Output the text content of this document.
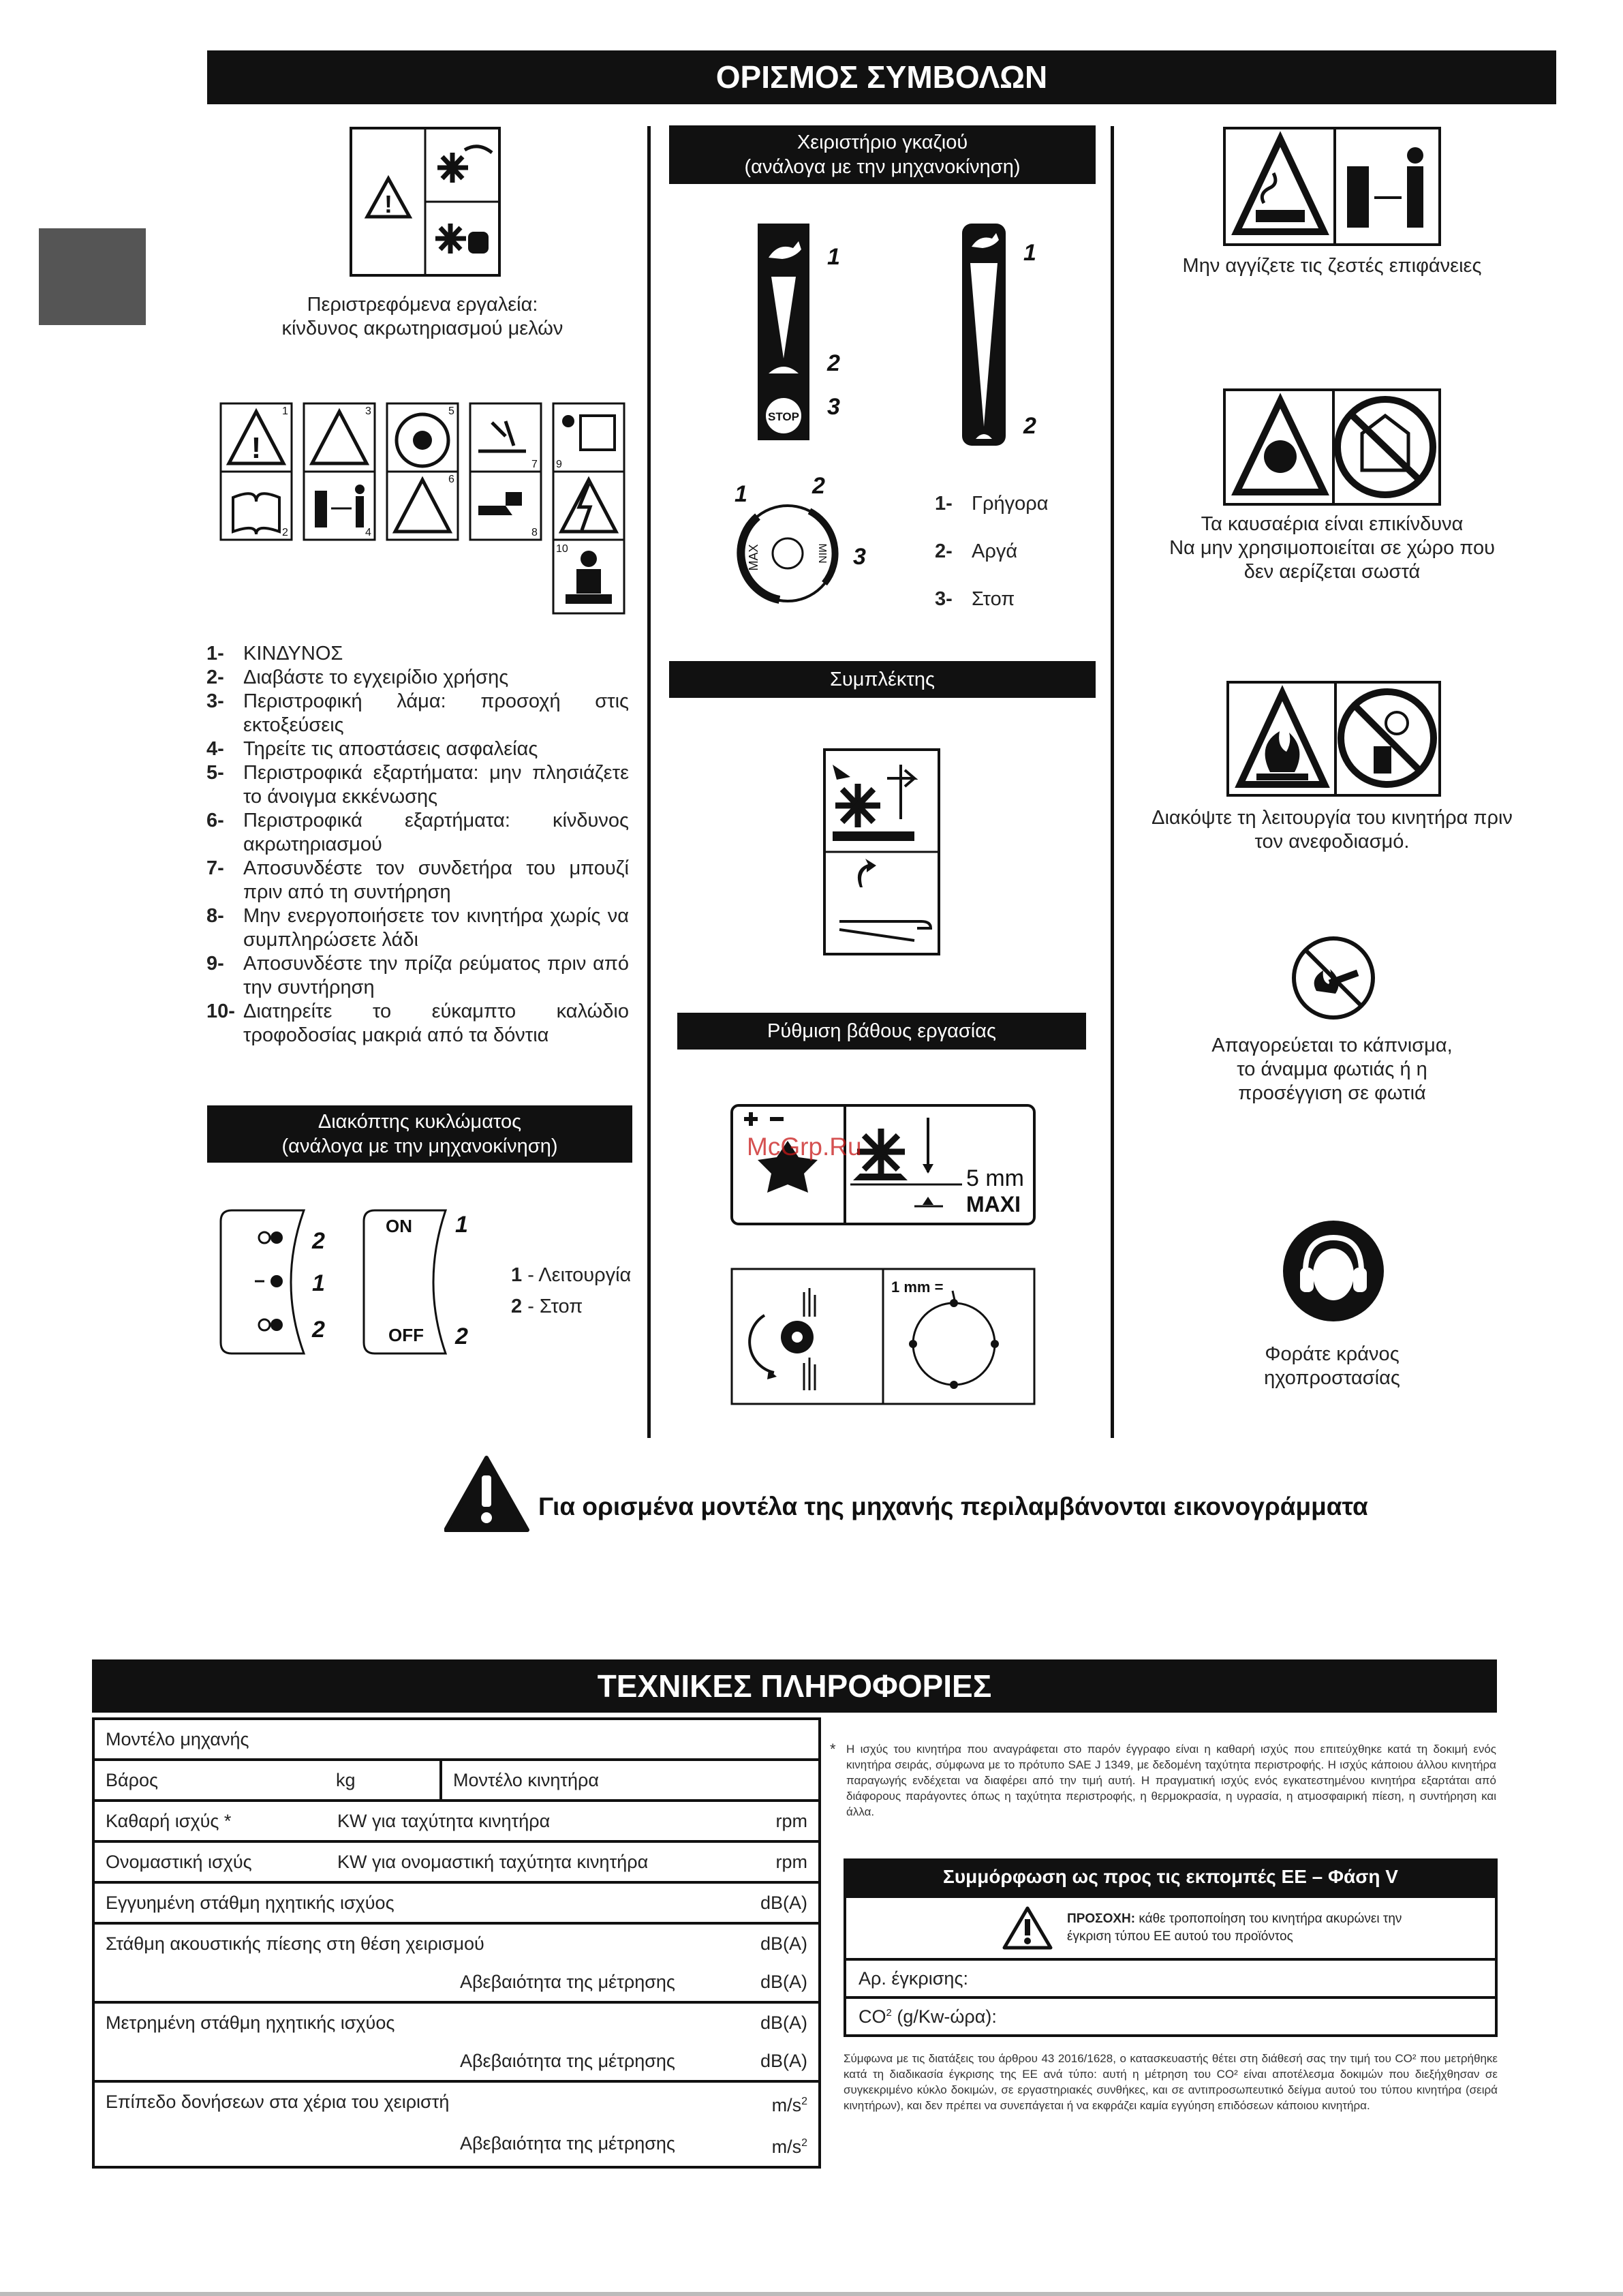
ΟΡΙΣΜΟΣ ΣΥΜΒΟΛΩΝ
!
Περιστρεφόμενα εργαλεία:
κίνδυνος ακρωτηριασμού μελών
!
1
2
3
4
5
6
7
8
9
10
1- ΚΙΝΔΥΝΟΣ
2- Διαβάστε το εγχειρίδιο χρήσης
3- Περιστροφική λάμα: προσοχή στις εκτοξεύσεις
4- Τηρείτε τις αποστάσεις ασφαλείας
5- Περιστροφικά εξαρτήματα: μην πλησιάζετε το άνοιγμα εκκένωσης
6- Περιστροφικά εξαρτήματα: κίνδυνος ακρωτηριασμού
7- Αποσυνδέστε τον συνδετήρα του μπουζί πριν από τη συντήρηση
8- Μην ενεργοποιήσετε τον κινητήρα χωρίς να συμπληρώσετε λάδι
9- Αποσυνδέστε την πρίζα ρεύματος πριν από την συντήρηση
10- Διατηρείτε το εύκαμπτο καλώδιο τροφοδοσίας μακριά από τα δόντια
Διακόπτης κυκλώματος
(ανάλογα με την μηχανοκίνηση)
2
1
2
ON
OFF
1
2
1 - Λειτουργία
2 - Στοπ
Χειριστήριο γκαζιού
(ανάλογα με την μηχανοκίνηση)
STOP
1
2
3
1
2
MAX	MIN
1	2
3
1- Γρήγορα
2- Αργά
3- Στοπ
Συμπλέκτης
Ρύθμιση βάθους εργασίας
5 mm
MAXI
1 mm =
Μην αγγίζετε τις ζεστές επιφάνειες
Τα καυσαέρια είναι επικίνδυνα
Να μην χρησιμοποιείται σε χώρο που
δεν αερίζεται σωστά
Διακόψτε τη λειτουργία του κινητήρα πριν
τον ανεφοδιασμό.
Απαγορεύεται το κάπνισμα,
το άναμμα φωτιάς ή η
προσέγγιση σε φωτιά
Φοράτε κράνος
ηχοπροστασίας
Για ορισμένα μοντέλα της μηχανής περιλαμβάνονται εικονογράμματα
McGrp.Ru
ΤΕΧΝΙΚΕΣ ΠΛΗΡΟΦΟΡΙΕΣ
Μοντέλο μηχανής
Βάρος	kg	Μοντέλο κινητήρα

Καθαρή ισχύς *	KW για ταχύτητα κινητήρα	rpm

Ονομαστική ισχύς	KW για ονομαστική ταχύτητα κινητήρα	rpm

Εγγυημένη στάθμη ηχητικής ισχύος	dB(A)

Στάθμη ακουστικής πίεσης στη θέση χειρισμού	dB(A)
Αβεβαιότητα της μέτρησης	dB(A)

Μετρημένη στάθμη ηχητικής ισχύος	dB(A)
Αβεβαιότητα της μέτρησης	dB(A)

Επίπεδο δονήσεων στα χέρια του χειριστή	$m/s^2$
Αβεβαιότητα της μέτρησης	$m/s^2$
* Η ισχύς του κινητήρα που αναγράφεται στο παρόν έγγραφο είναι η καθαρή ισχύς που επιτεύχθηκε κατά τη δοκιμή ενός κινητήρα σειράς, σύμφωνα με το πρότυπο SAE J 1349, με δεδομένη ταχύτητα περιστροφής. Η ισχύς κάποιου άλλου κινητήρα παραγωγής ενδέχεται να διαφέρει από την τιμή αυτή. Η πραγματική ισχύς ενός εγκατεστημένου κινητήρα εξαρτάται από διάφορους παράγοντες όπως η ταχύτητα περιστροφής, η θερμοκρασία, η υγρασία, η ατμοσφαιρική πίεση, η συντήρηση και άλλα.
Συμμόρφωση ως προς τις εκπομπές ΕΕ – Φάση V
ΠΡΟΣΟΧΗ: κάθε τροποποίηση του κινητήρα ακυρώνει την έγκριση τύπου ΕΕ αυτού του προϊόντος

Αρ. έγκρισης:
$CO^2$ (g/Kw-ώρα):
Σύμφωνα με τις διατάξεις του άρθρου 43 2016/1628, ο κατασκευαστής θέτει στη διάθεσή σας την τιμή του CO² που μετρήθηκε κατά τη διαδικασία έγκρισης της ΕΕ ανά τύπο: αυτή η μέτρηση του CO² είναι αποτέλεσμα δοκιμών που διεξήχθησαν σε συγκεκριμένο κύκλο δοκιμών, σε εργαστηριακές συνθήκες, και σε αντιπροσωπευτικό δείγμα αυτού του τύπου κινητήρα (σειρά κινητήρων), και δεν πρέπει να συνεπάγεται ή να εκφράζει καμία εγγύηση επιδόσεων κάποιου κινητήρα.
